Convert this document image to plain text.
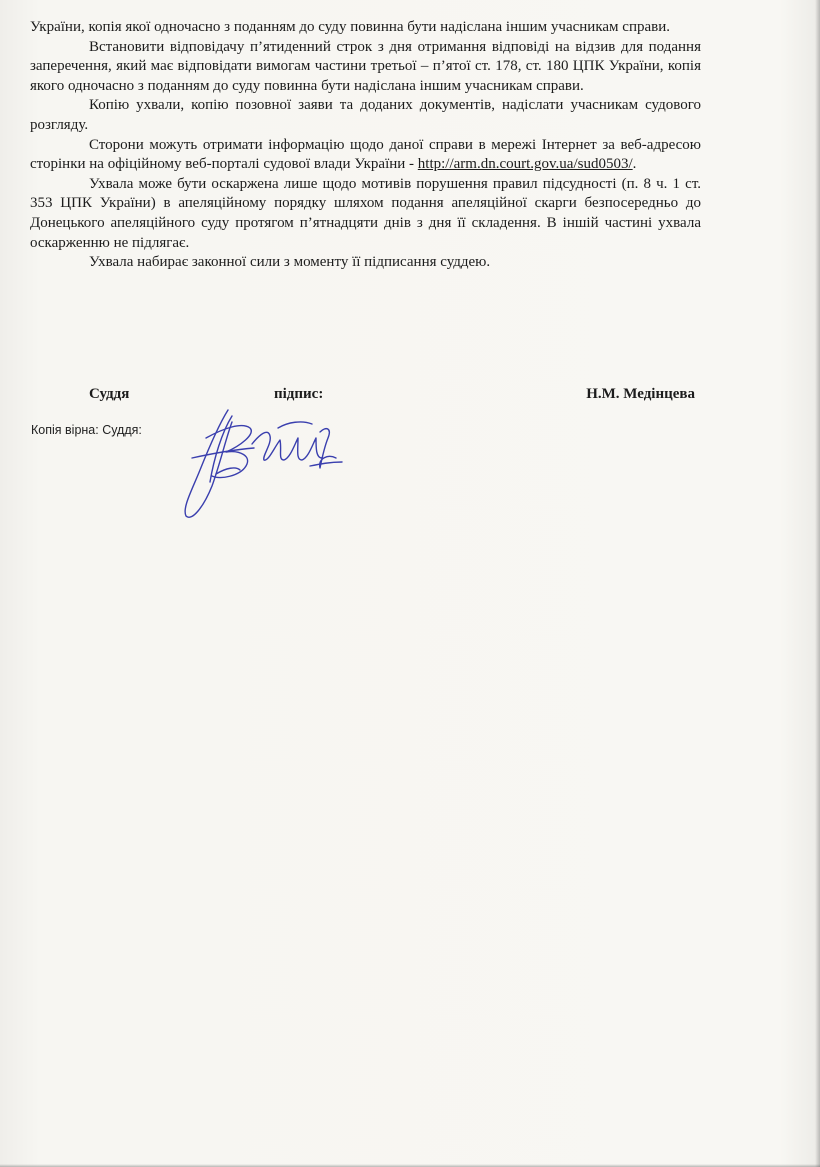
України, копія якої одночасно з поданням до суду повинна бути надіслана іншим учасникам справи.

Встановити відповідачу п’ятиденний строк з дня отримання відповіді на відзив для подання заперечення, який має відповідати вимогам частини третьої – п’ятої ст. 178, ст. 180 ЦПК України, копія якого одночасно з поданням до суду повинна бути надіслана іншим учасникам справи.

Копію ухвали, копію позовної заяви та доданих документів, надіслати учасникам судового розгляду.

Сторони можуть отримати інформацію щодо даної справи в мережі Інтернет за веб-адресою сторінки на офіційному веб-порталі судової влади України - http://arm.dn.court.gov.ua/sud0503/.

Ухвала може бути оскаржена лише щодо мотивів порушення правил підсудності (п. 8 ч. 1 ст. 353 ЦПК України) в апеляційному порядку шляхом подання апеляційної скарги безпосередньо до Донецького апеляційного суду протягом п’ятнадцяти днів з дня її складення. В іншій частині ухвала оскарженню не підлягає.

Ухвала набирає законної сили з моменту її підписання суддею.

Суддя	підпис:	Н.М. Медінцева
Копія вірна: Суддя:
